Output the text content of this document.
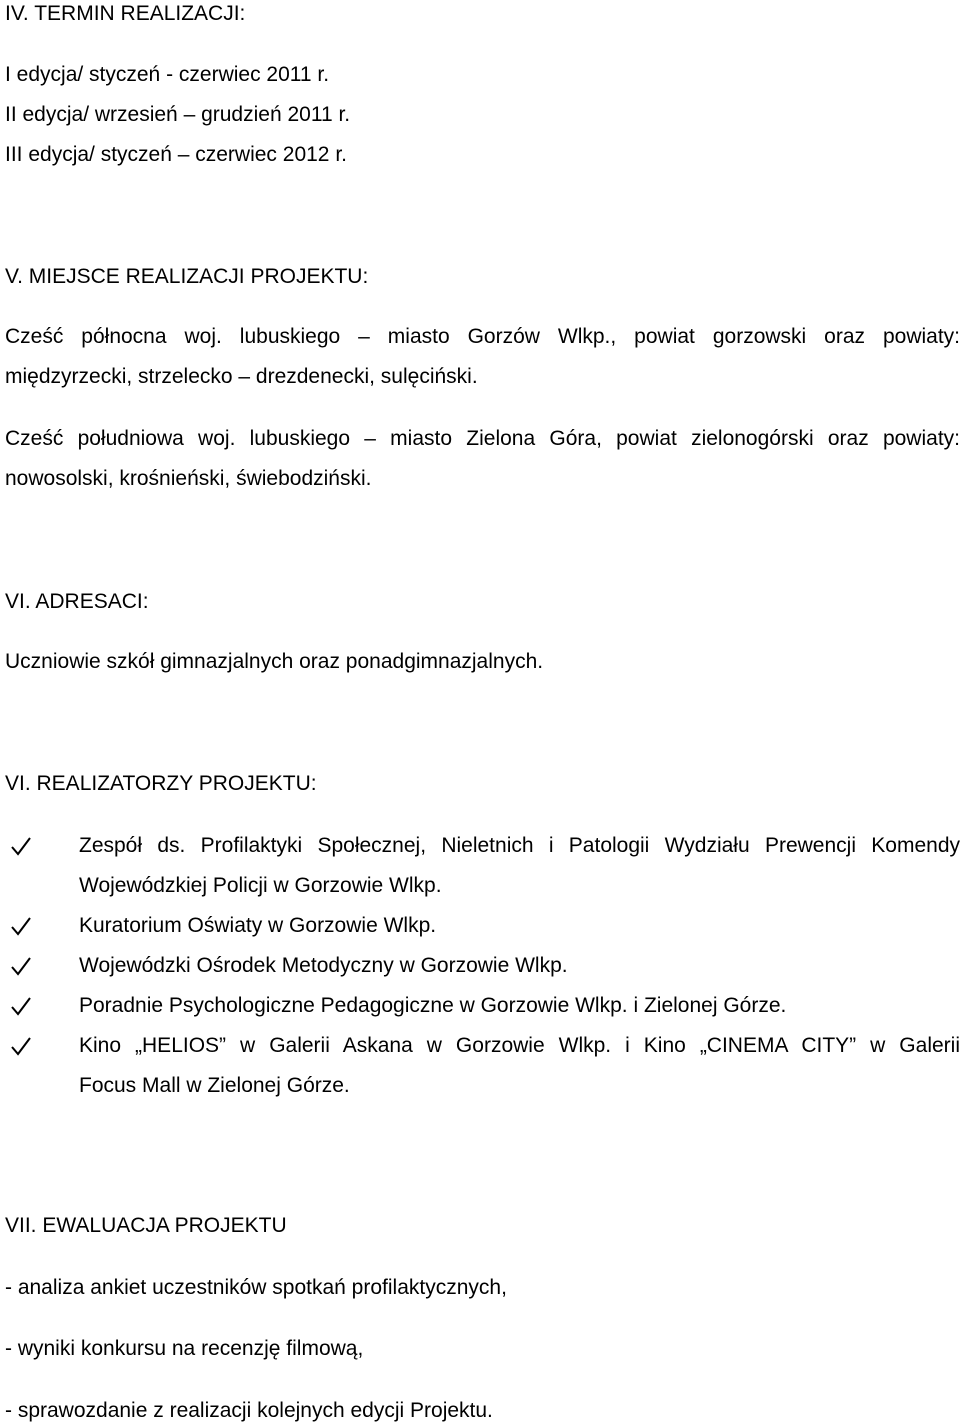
IV. TERMIN REALIZACJI:
I edycja/ styczeń - czerwiec 2011 r.
II edycja/ wrzesień – grudzień 2011 r.
III edycja/ styczeń – czerwiec 2012 r.
V. MIEJSCE REALIZACJI PROJEKTU:
Cześć północna woj. lubuskiego – miasto Gorzów Wlkp., powiat gorzowski oraz powiaty:
międzyrzecki, strzelecko – drezdenecki, sulęciński.
Cześć południowa woj. lubuskiego – miasto Zielona Góra, powiat zielonogórski oraz powiaty:
nowosolski, krośnieński, świebodziński.
VI. ADRESACI:
Uczniowie szkół gimnazjalnych oraz ponadgimnazjalnych.
VI. REALIZATORZY PROJEKTU:
Zespół ds. Profilaktyki Społecznej, Nieletnich i Patologii Wydziału Prewencji Komendy
Wojewódzkiej Policji w Gorzowie Wlkp.
Kuratorium Oświaty w Gorzowie Wlkp.
Wojewódzki Ośrodek Metodyczny w Gorzowie Wlkp.
Poradnie Psychologiczne Pedagogiczne w Gorzowie Wlkp. i Zielonej Górze.
Kino „HELIOS” w Galerii Askana w Gorzowie Wlkp. i Kino „CINEMA CITY” w Galerii
Focus Mall w Zielonej Górze.
VII. EWALUACJA PROJEKTU
- analiza ankiet uczestników spotkań profilaktycznych,
- wyniki konkursu na recenzję filmową,
- sprawozdanie z realizacji kolejnych edycji Projektu.
